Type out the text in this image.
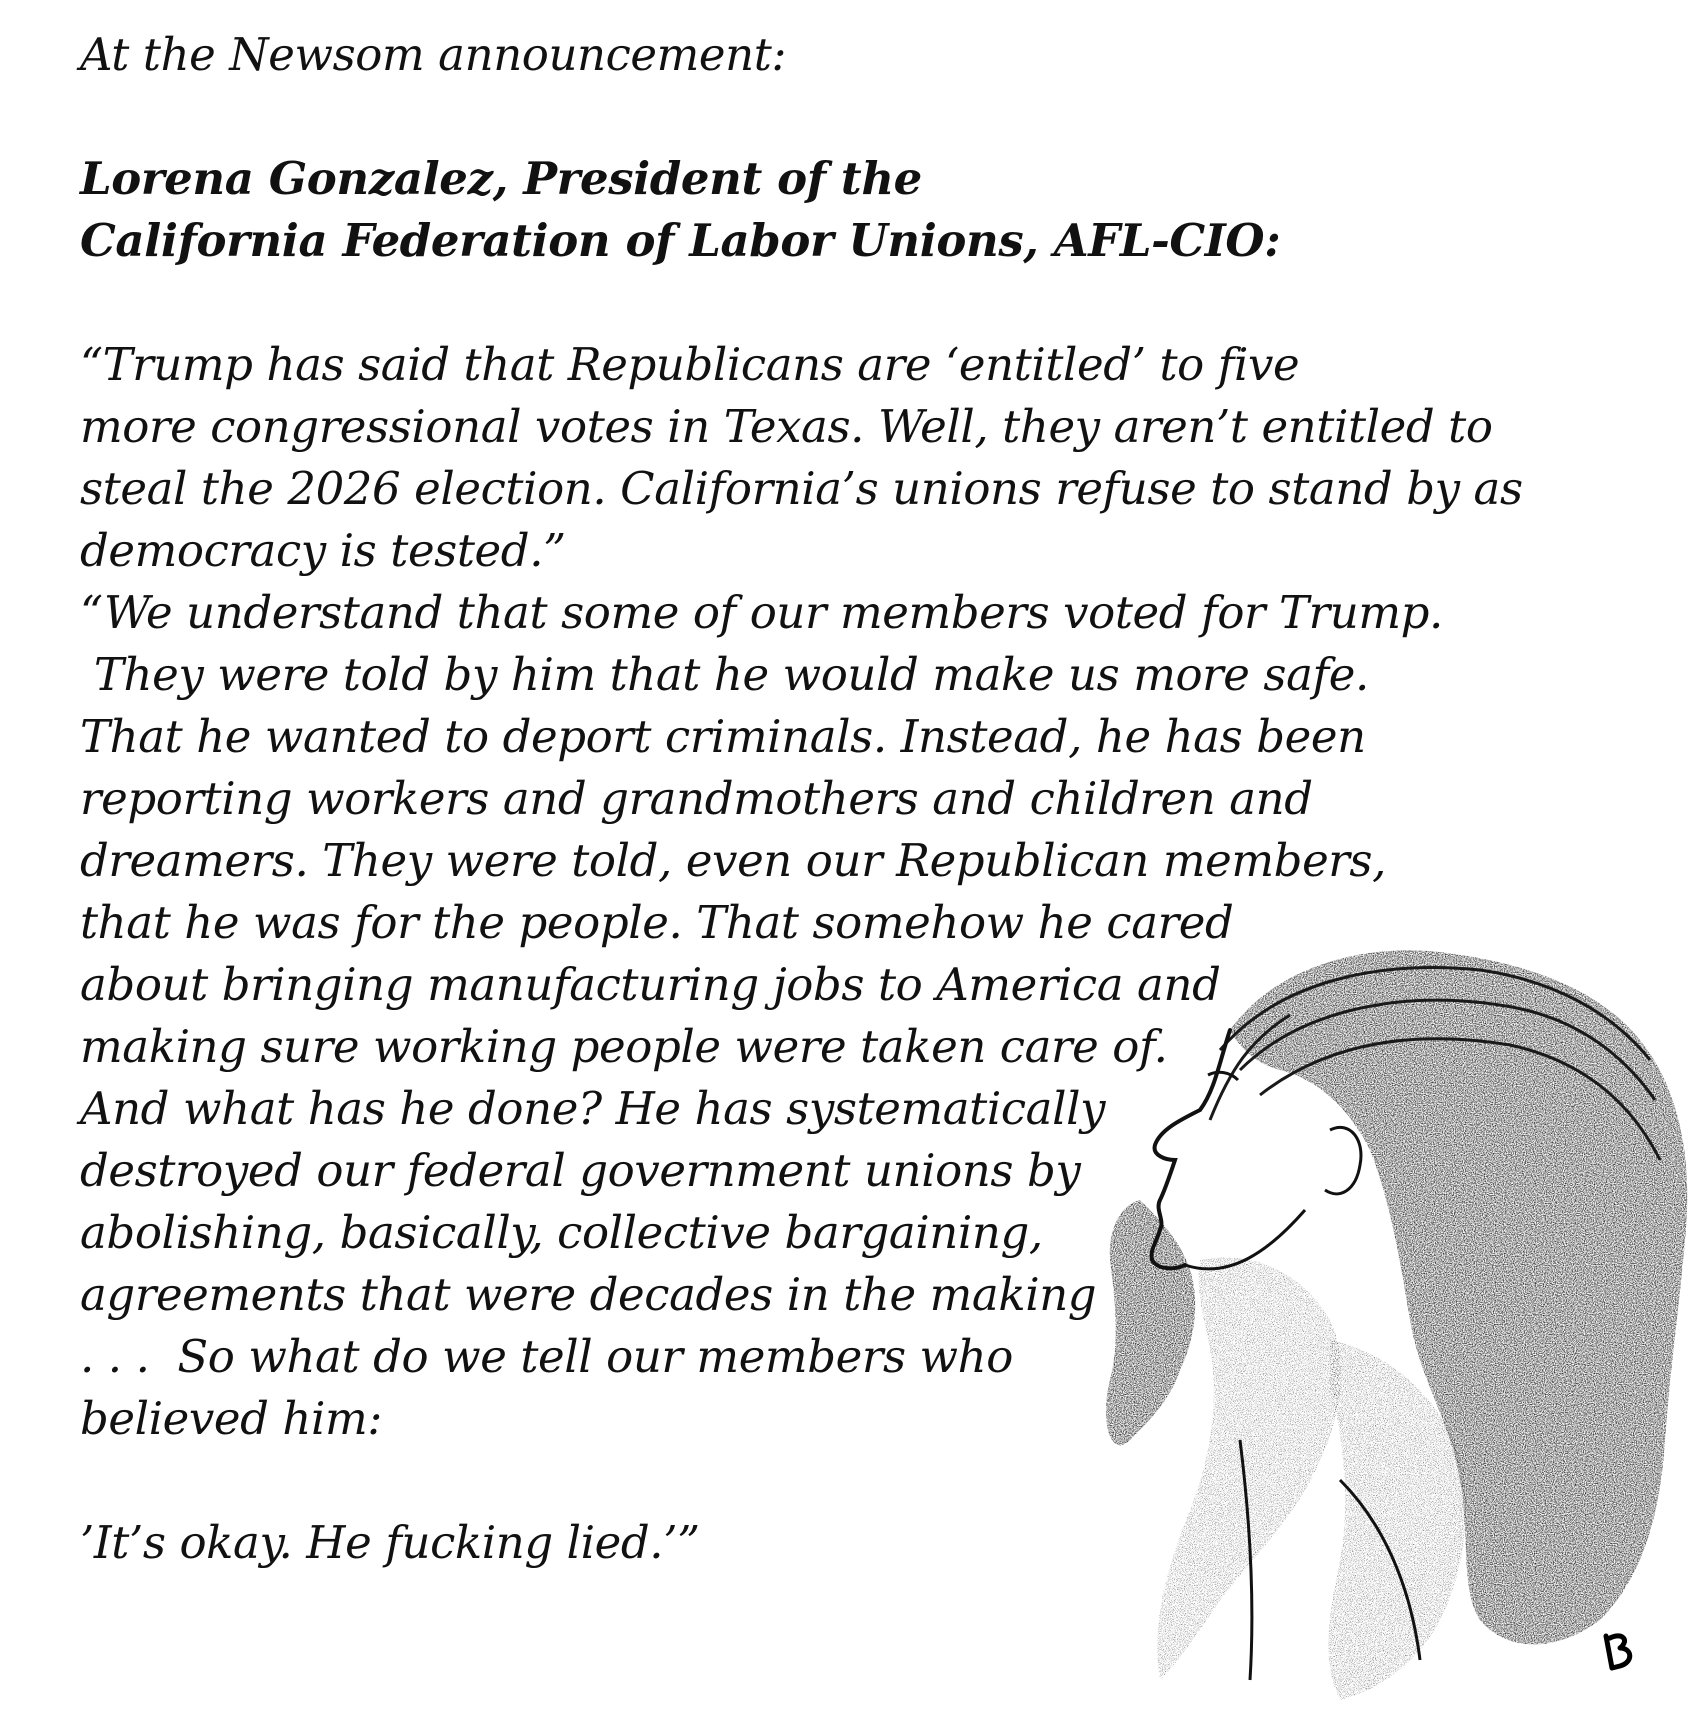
At the Newsom announcement:
Lorena Gonzalez, President of the
California Federation of Labor Unions, AFL-CIO:
“Trump has said that Republicans are ‘entitled’ to five
more congressional votes in Texas. Well, they aren’t entitled to
steal the 2026 election. California’s unions refuse to stand by as
democracy is tested.”
“We understand that some of our members voted for Trump.
They were told by him that he would make us more safe.
That he wanted to deport criminals. Instead, he has been
reporting workers and grandmothers and children and
dreamers. They were told, even our Republican members,
that he was for the people. That somehow he cared
about bringing manufacturing jobs to America and
making sure working people were taken care of.
And what has he done? He has systematically
destroyed our federal government unions by
abolishing, basically, collective bargaining,
agreements that were decades in the making
. . .  So what do we tell our members who
believed him:
’It’s okay. He fucking lied.’”
